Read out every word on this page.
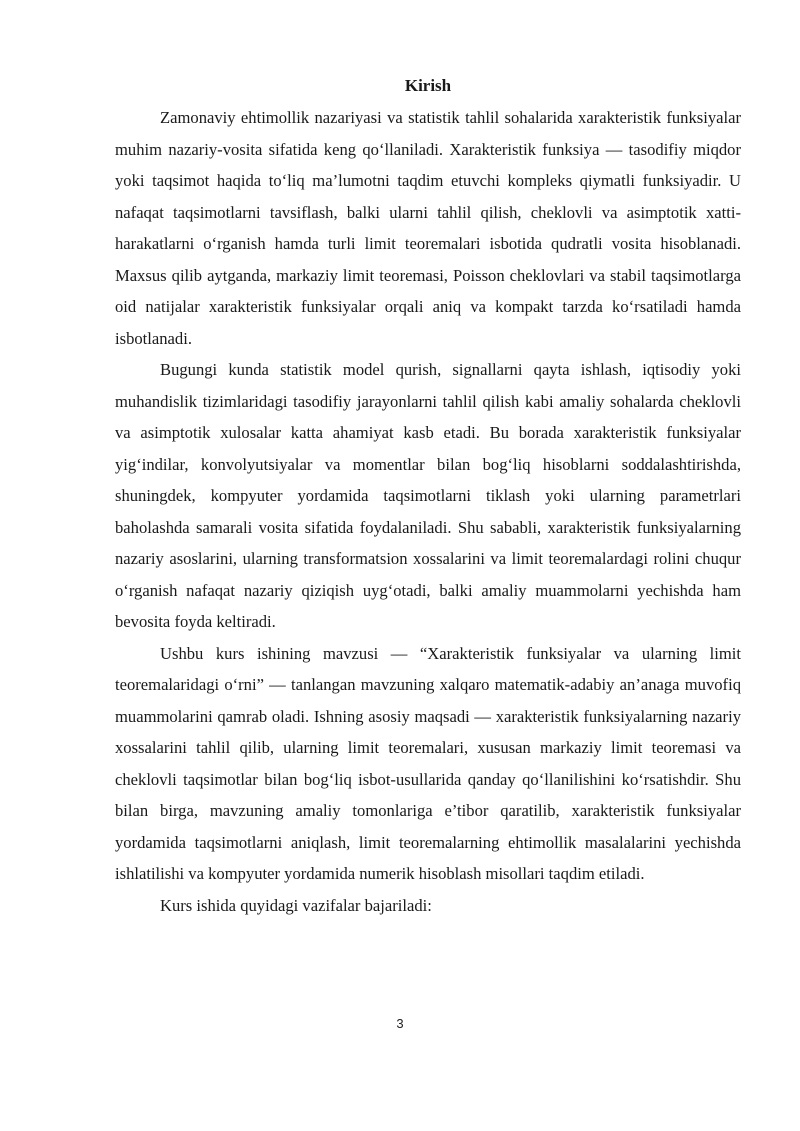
Kirish

Zamonaviy ehtimollik nazariyasi va statistik tahlil sohalarida xarakteristik funksiyalar muhim nazariy-vosita sifatida keng qo‘llaniladi. Xarakteristik funksiya — tasodifiy miqdor yoki taqsimot haqida to‘liq ma’lumotni taqdim etuvchi kompleks qiymatli funksiyadir. U nafaqat taqsimotlarni tavsiflash, balki ularni tahlil qilish, cheklovli va asimptotik xatti-harakatlarni o‘rganish hamda turli limit teoremalari isbotida qudratli vosita hisoblanadi. Maxsus qilib aytganda, markaziy limit teoremasi, Poisson cheklovlari va stabil taqsimotlarga oid natijalar xarakteristik funksiyalar orqali aniq va kompakt tarzda ko‘rsatiladi hamda isbotlanadi.

Bugungi kunda statistik model qurish, signallarni qayta ishlash, iqtisodiy yoki muhandislik tizimlaridagi tasodifiy jarayonlarni tahlil qilish kabi amaliy sohalarda cheklovli va asimptotik xulosalar katta ahamiyat kasb etadi. Bu borada xarakteristik funksiyalar yig‘indilar, konvolyutsiyalar va momentlar bilan bog‘liq hisoblarni soddalashtirishda, shuningdek, kompyuter yordamida taqsimotlarni tiklash yoki ularning parametrlari baholashda samarali vosita sifatida foydalaniladi. Shu sababli, xarakteristik funksiyalarning nazariy asoslarini, ularning transformatsion xossalarini va limit teoremalardagi rolini chuqur o‘rganish nafaqat nazariy qiziqish uyg‘otadi, balki amaliy muammolarni yechishda ham bevosita foyda keltiradi.

Ushbu kurs ishining mavzusi — “Xarakteristik funksiyalar va ularning limit teoremalaridagi o‘rni” — tanlangan mavzuning xalqaro matematik-adabiy an’anaga muvofiq muammolarini qamrab oladi. Ishning asosiy maqsadi — xarakteristik funksiyalarning nazariy xossalarini tahlil qilib, ularning limit teoremalari, xususan markaziy limit teoremasi va cheklovli taqsimotlar bilan bog‘liq isbot-usullarida qanday qo‘llanilishini ko‘rsatishdir. Shu bilan birga, mavzuning amaliy tomonlariga e’tibor qaratilib, xarakteristik funksiyalar yordamida taqsimotlarni aniqlash, limit teoremalarning ehtimollik masalalarini yechishda ishlatilishi va kompyuter yordamida numerik hisoblash misollari taqdim etiladi.

Kurs ishida quyidagi vazifalar bajariladi:

3
